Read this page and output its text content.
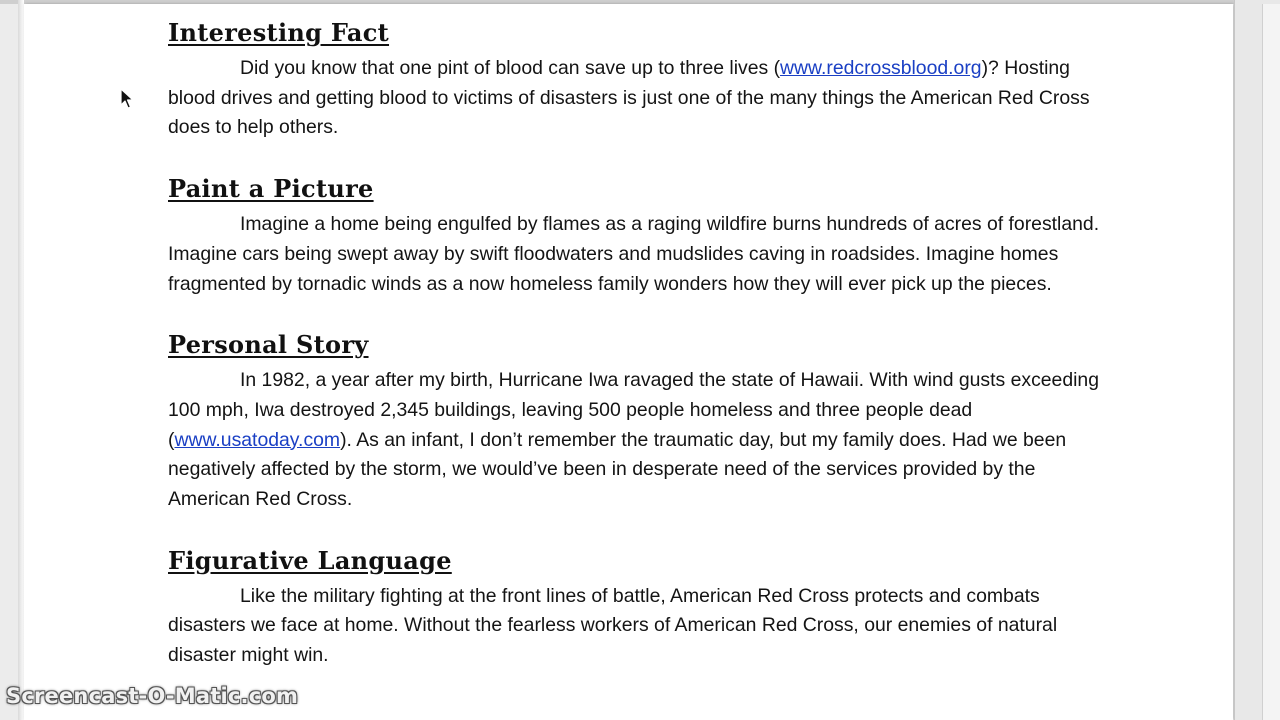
Interesting Fact

Did you know that one pint of blood can save up to three lives (www.redcrossblood.org)? Hosting blood drives and getting blood to victims of disasters is just one of the many things the American Red Cross does to help others.

Paint a Picture

Imagine a home being engulfed by flames as a raging wildfire burns hundreds of acres of forestland. Imagine cars being swept away by swift floodwaters and mudslides caving in roadsides. Imagine homes fragmented by tornadic winds as a now homeless family wonders how they will ever pick up the pieces.

Personal Story

In 1982, a year after my birth, Hurricane Iwa ravaged the state of Hawaii. With wind gusts exceeding 100 mph, Iwa destroyed 2,345 buildings, leaving 500 people homeless and three people dead (www.usatoday.com). As an infant, I don’t remember the traumatic day, but my family does. Had we been negatively affected by the storm, we would’ve been in desperate need of the services provided by the American Red Cross.

Figurative Language

Like the military fighting at the front lines of battle, American Red Cross protects and combats disasters we face at home. Without the fearless workers of American Red Cross, our enemies of natural disaster might win.

Screencast-O-Matic.com
